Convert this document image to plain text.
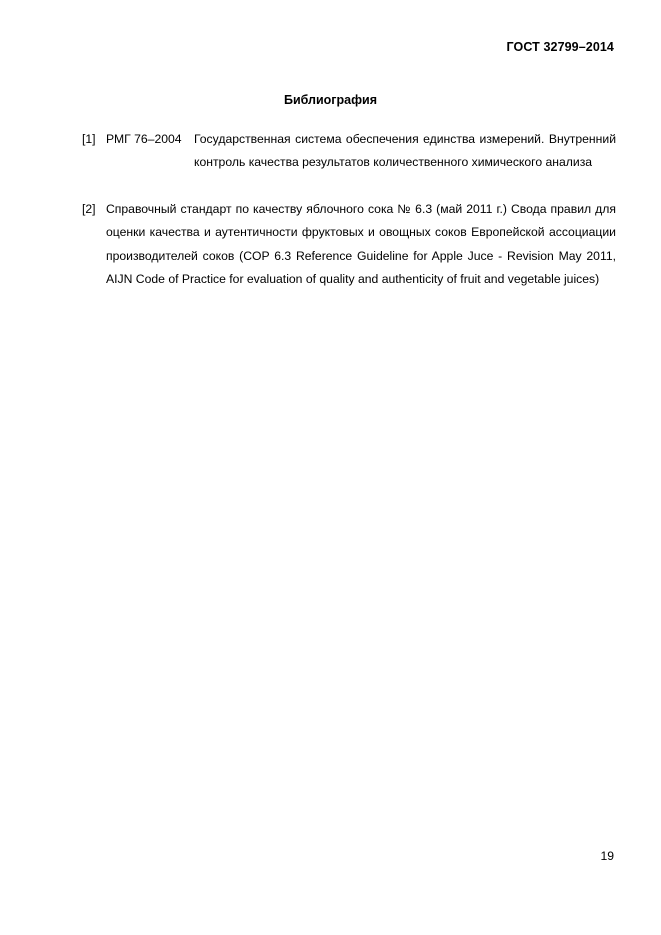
ГОСТ 32799–2014
Библиография
[1] РМГ 76–2004 Государственная система обеспечения единства измерений. Внутренний контроль качества результатов количественного химического анализа
[2] Справочный стандарт по качеству яблочного сока № 6.3 (май 2011 г.) Свода правил для оценки качества и аутентичности фруктовых и овощных соков Европейской ассоциации производителей соков (COP 6.3 Reference Guideline for Apple Juce - Revision May 2011, AIJN Code of Practice for evaluation of quality and authenticity of fruit and vegetable juices)
19
